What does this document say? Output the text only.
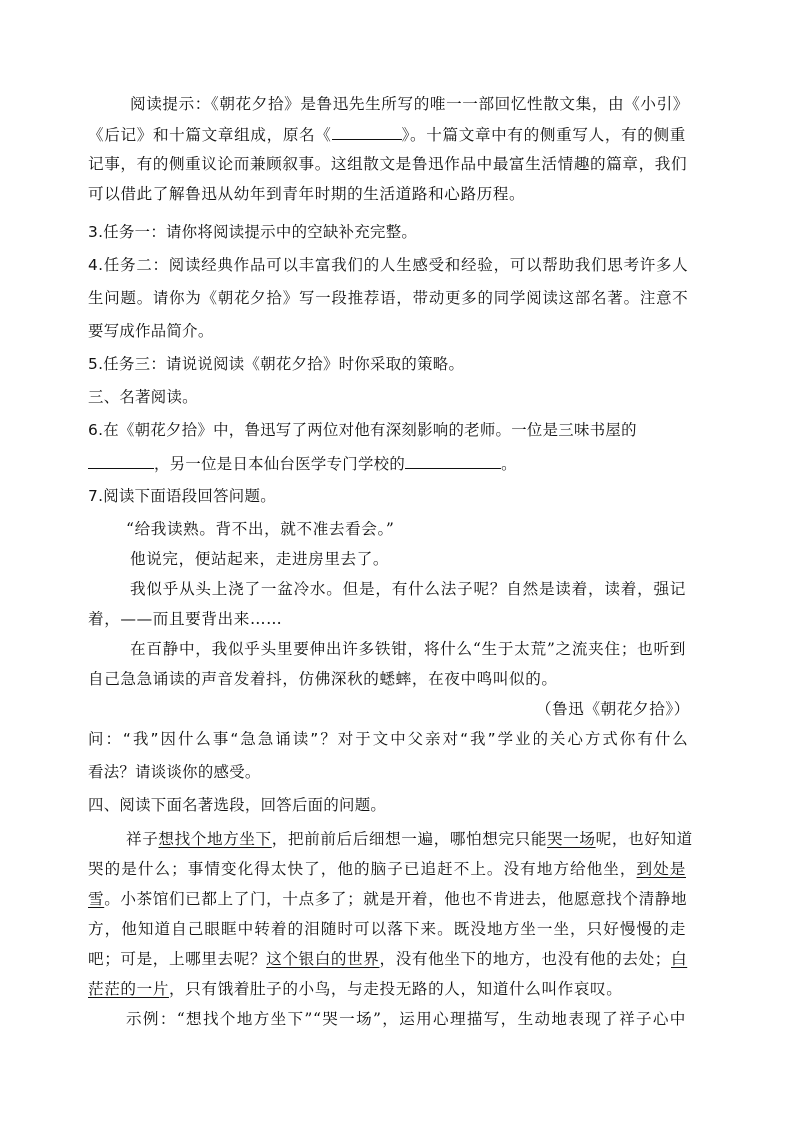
阅读提示：《朝花夕拾》是鲁迅先生所写的唯一一部回忆性散文集，由《小引》
《后记》和十篇文章组成，原名《	》。十篇文章中有的侧重写人，有的侧重
记事，有的侧重议论而兼顾叙事。这组散文是鲁迅作品中最富生活情趣的篇章，我们
可以借此了解鲁迅从幼年到青年时期的生活道路和心路历程。
3.任务一：请你将阅读提示中的空缺补充完整。
4.任务二：阅读经典作品可以丰富我们的人生感受和经验，可以帮助我们思考许多人
生问题。请你为《朝花夕拾》写一段推荐语，带动更多的同学阅读这部名著。注意不
要写成作品简介。
5.任务三：请说说阅读《朝花夕拾》时你采取的策略。
三、名著阅读。
6.在《朝花夕拾》中，鲁迅写了两位对他有深刻影响的老师。一位是三味书屋的
，另一位是日本仙台医学专门学校的	。
7.阅读下面语段回答问题。
“给我读熟。背不出，就不准去看会。”
他说完，便站起来，走进房里去了。
我似乎从头上浇了一盆冷水。但是，有什么法子呢？自然是读着，读着，强记
着，——而且要背出来……
在百静中，我似乎头里要伸出许多铁钳，将什么“生于太荒”之流夹住；也听到
自己急急诵读的声音发着抖，仿佛深秋的蟋蟀，在夜中鸣叫似的。
（鲁迅《朝花夕拾》）
问：“我”因什么事“急急诵读”？对于文中父亲对“我”学业的关心方式你有什么
看法？请谈谈你的感受。
四、阅读下面名著选段，回答后面的问题。
祥子想找个地方坐下，把前前后后细想一遍，哪怕想完只能哭一场呢，也好知道
哭的是什么；事情变化得太快了，他的脑子已追赶不上。没有地方给他坐，到处是
雪。小茶馆们已都上了门，十点多了；就是开着，他也不肯进去，他愿意找个清静地
方，他知道自己眼眶中转着的泪随时可以落下来。既没地方坐一坐，只好慢慢的走
吧；可是，上哪里去呢？这个银白的世界，没有他坐下的地方，也没有他的去处；白
茫茫的一片，只有饿着肚子的小鸟，与走投无路的人，知道什么叫作哀叹。
示例：“想找个地方坐下”“哭一场”，运用心理描写，生动地表现了祥子心中
